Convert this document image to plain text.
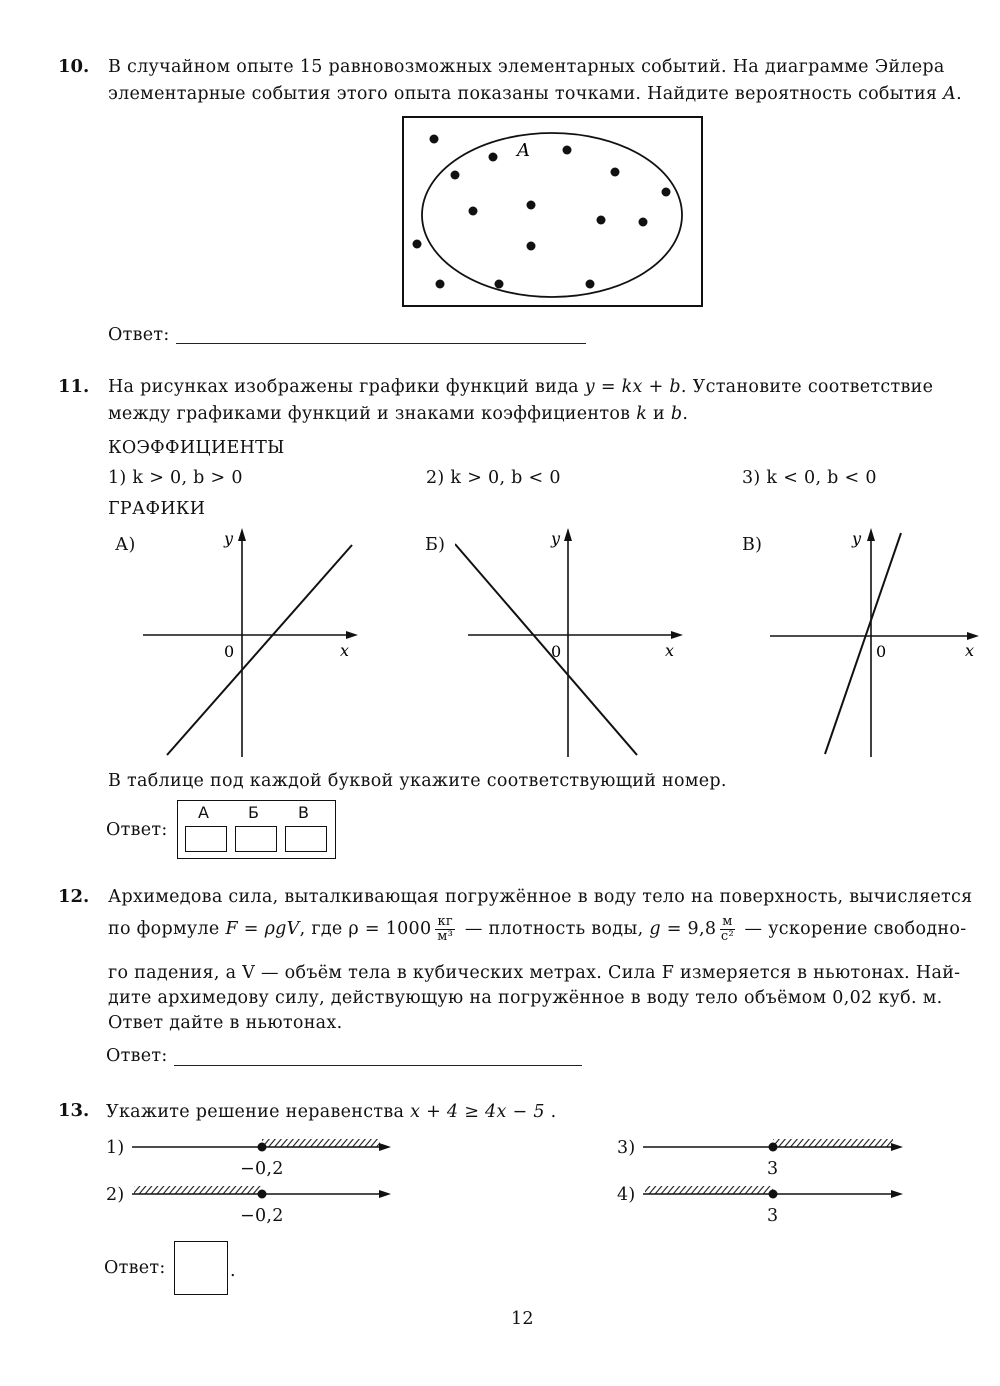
10. В случайном опыте 15 равновозможных элементарных событий. На диаграмме Эйлера
элементарные события этого опыта показаны точками. Найдите вероятность события A.
A
Ответ:
11. На рисунках изображены графики функций вида y = kx + b. Установите соответствие
между графиками функций и знаками коэффициентов k и b.
КОЭФФИЦИЕНТЫ
1) k > 0, b > 0	2) k > 0, b < 0	3) k < 0, b < 0
ГРАФИКИ
А)
0	x
y	Б)
0	x
y	В)
0	x
y
В таблице под каждой буквой укажите соответствующий номер.
Ответ:
А Б В
12. Архимедова сила, выталкивающая погружённое в воду тело на поверхность, вычисляется
по формуле F = ρgV, где $\rho = 1000 \frac{кг}{\text{м³}}$ — плотность воды, $g = 9,8 \frac{м}{\text{с²}}$ — ускорение свободно-
го падения, а V — объём тела в кубических метрах. Сила F измеряется в ньютонах. Най-
дите архимедову силу, действующую на погружённое в воду тело объёмом 0,02 куб. м.
Ответ дайте в ньютонах.
Ответ:
13. Укажите решение неравенства x + 4 ≥ 4x − 5 .
1)
−0,2
2)
−0,2
3)
3
4)
3
Ответ:	.
12
